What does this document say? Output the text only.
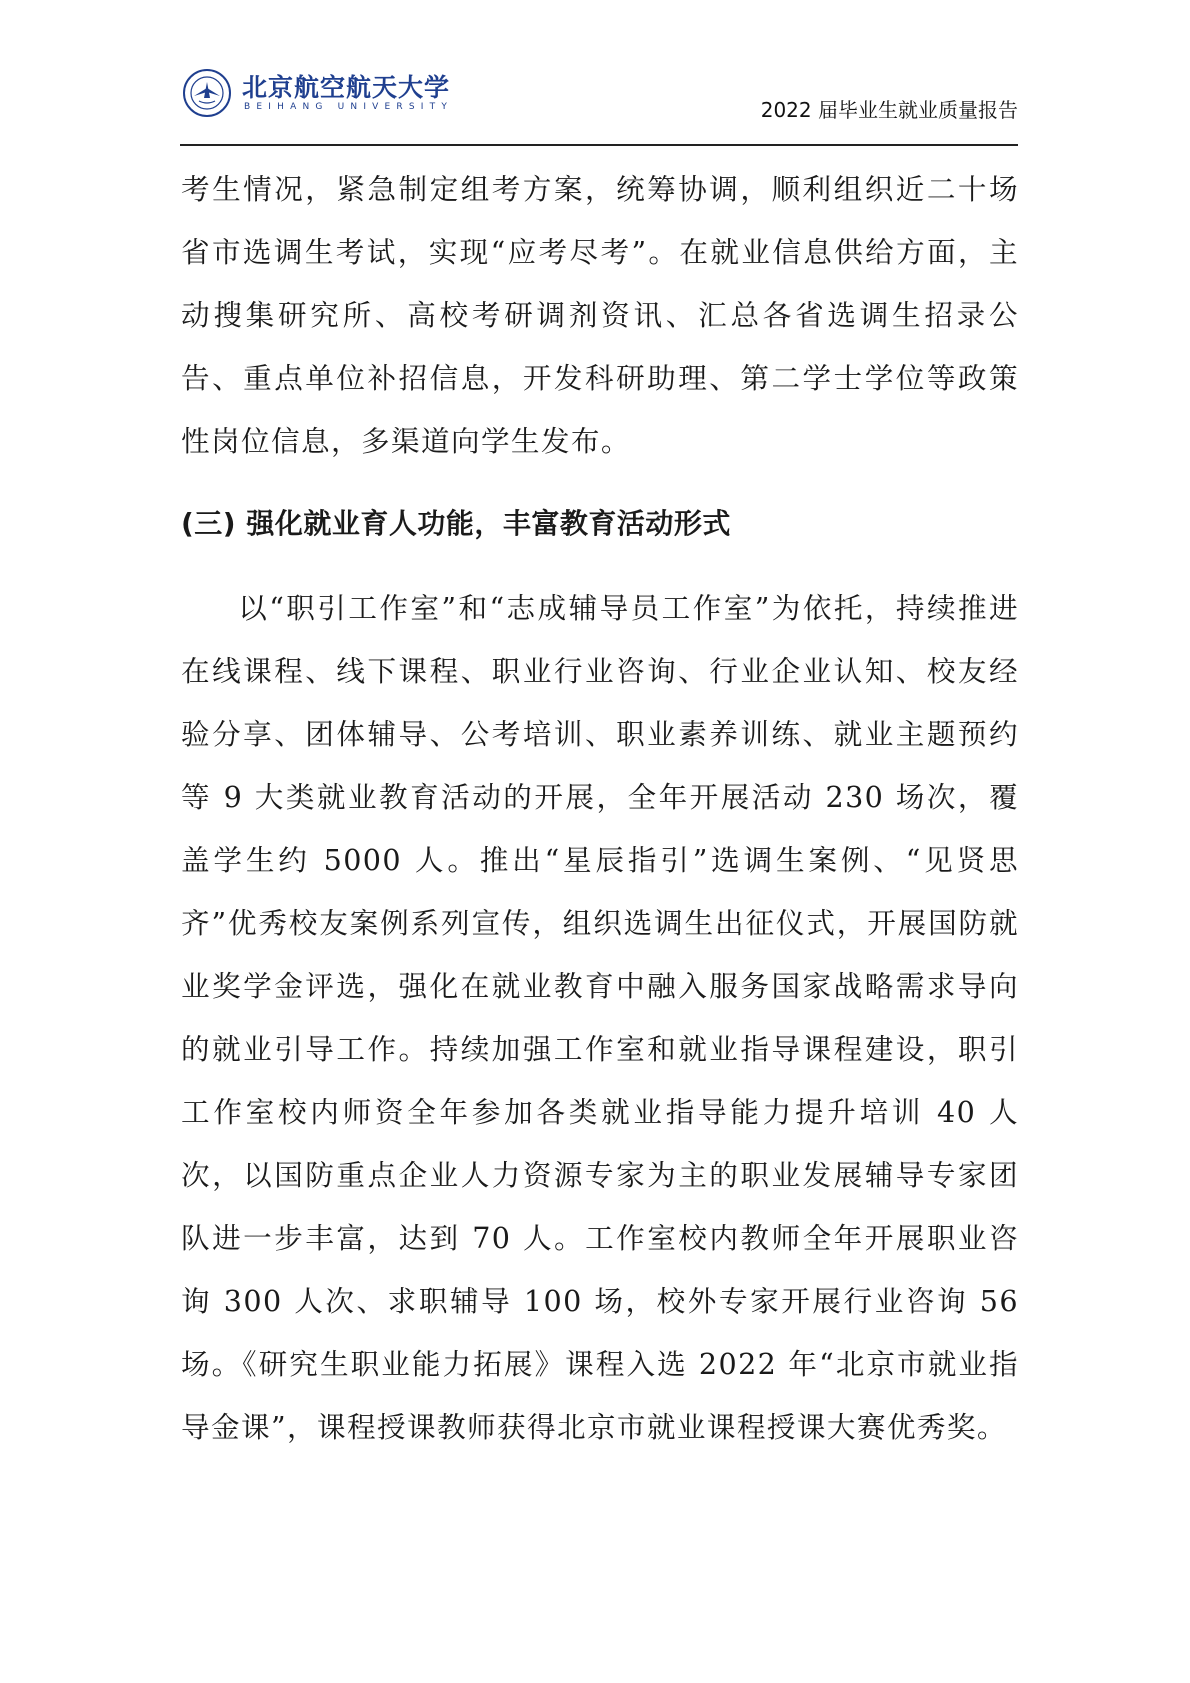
北京航空航天大学
BEIHANG UNIVERSITY	2022 届毕业生就业质量报告

考生情况，紧急制定组考方案，统筹协调，顺利组织近二十场省市选调生考试，实现“应考尽考”。在就业信息供给方面，主动搜集研究所、高校考研调剂资讯、汇总各省选调生招录公告、重点单位补招信息，开发科研助理、第二学士学位等政策性岗位信息，多渠道向学生发布。

(三) 强化就业育人功能，丰富教育活动形式

以“职引工作室”和“志成辅导员工作室”为依托，持续推进在线课程、线下课程、职业行业咨询、行业企业认知、校友经验分享、团体辅导、公考培训、职业素养训练、就业主题预约等 9 大类就业教育活动的开展，全年开展活动 230 场次，覆盖学生约 5000 人。推出“星辰指引”选调生案例、“见贤思齐”优秀校友案例系列宣传，组织选调生出征仪式，开展国防就业奖学金评选，强化在就业教育中融入服务国家战略需求导向的就业引导工作。持续加强工作室和就业指导课程建设，职引工作室校内师资全年参加各类就业指导能力提升培训 40 人次，以国防重点企业人力资源专家为主的职业发展辅导专家团队进一步丰富，达到 70 人。工作室校内教师全年开展职业咨询 300 人次、求职辅导 100 场，校外专家开展行业咨询 56 场。《研究生职业能力拓展》课程入选 2022 年“北京市就业指导金课”，课程授课教师获得北京市就业课程授课大赛优秀奖。
